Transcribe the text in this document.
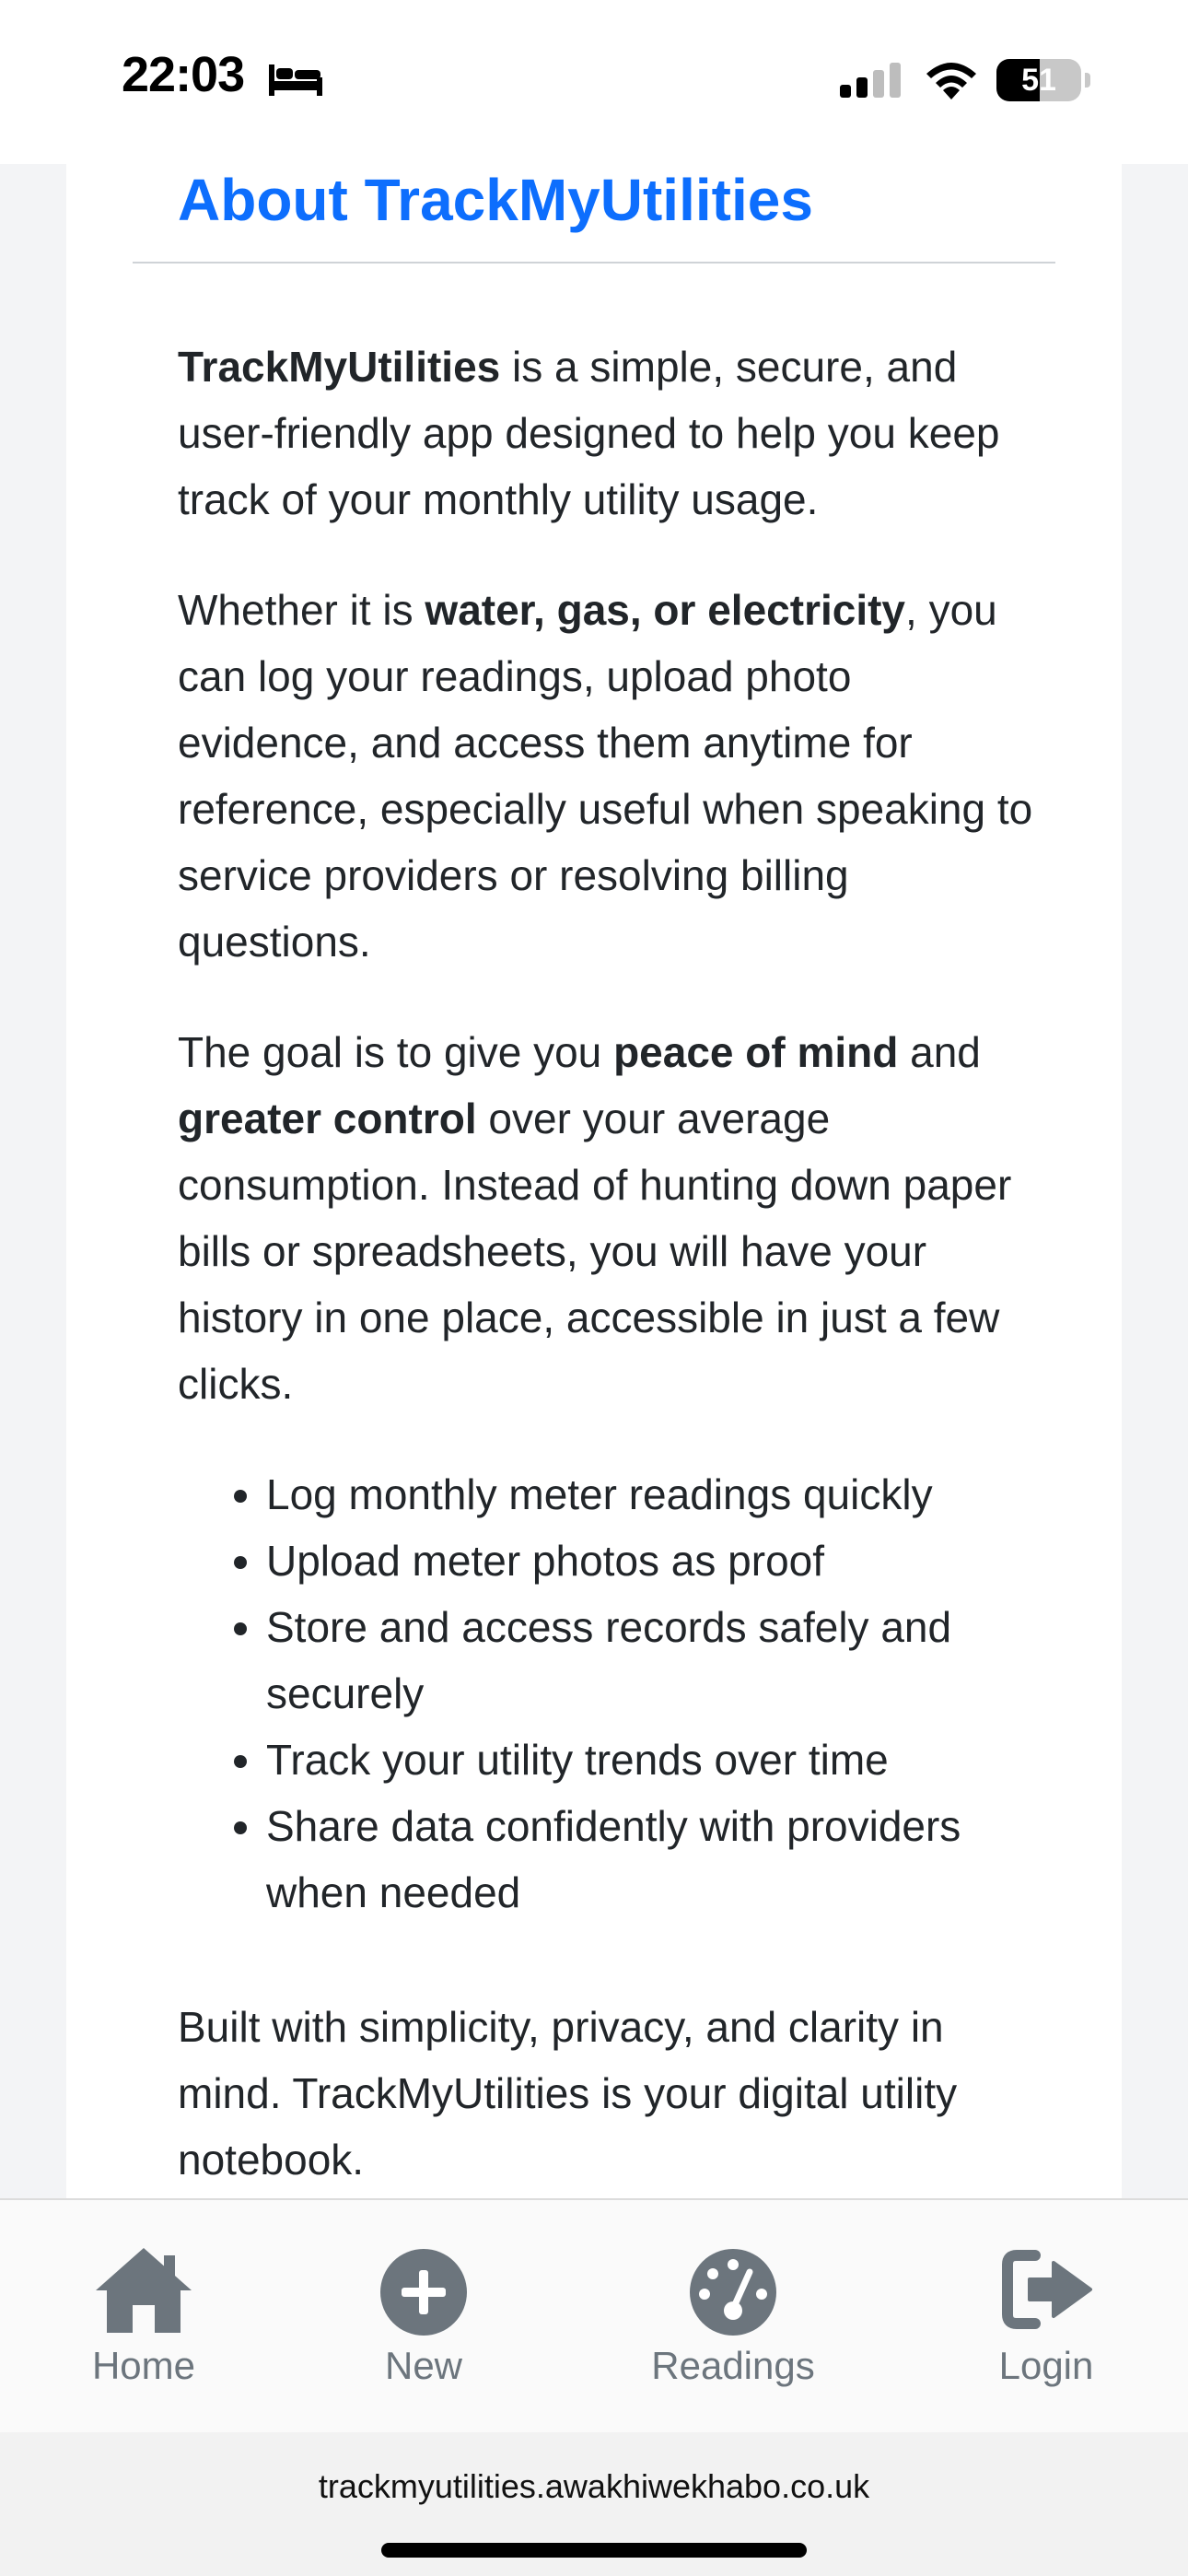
22:03	51
About TrackMyUtilities

TrackMyUtilities is a simple, secure, and user-friendly app designed to help you keep track of your monthly utility usage.

Whether it is water, gas, or electricity, you can log your readings, upload photo evidence, and access them anytime for reference, especially useful when speaking to service providers or resolving billing questions.

The goal is to give you peace of mind and greater control over your average consumption. Instead of hunting down paper bills or spreadsheets, you will have your history in one place, accessible in just a few clicks.

• Log monthly meter readings quickly
• Upload meter photos as proof
• Store and access records safely and securely
• Track your utility trends over time
• Share data confidently with providers when needed

Built with simplicity, privacy, and clarity in mind. TrackMyUtilities is your digital utility notebook.

Home	New	Readings	Login
trackmyutilities.awakhiwekhabo.co.uk
